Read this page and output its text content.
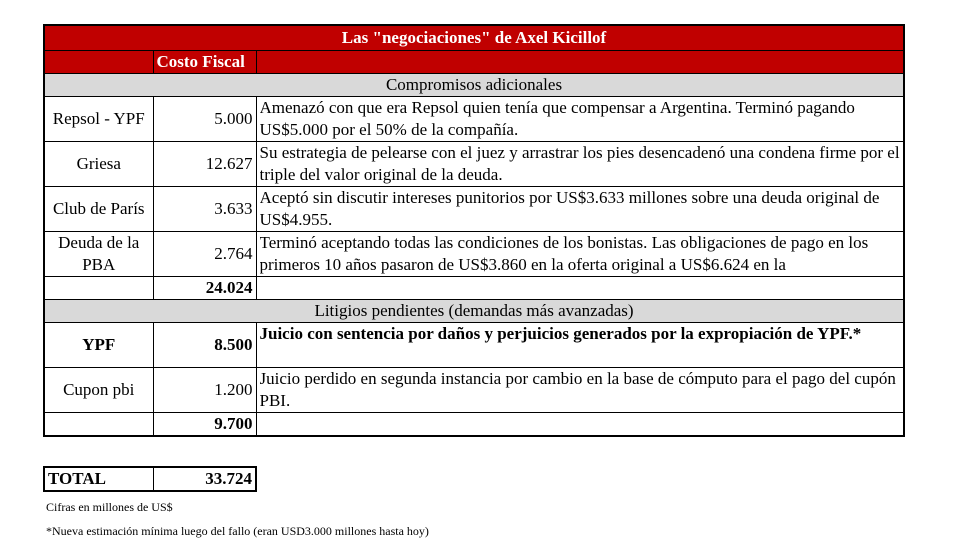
Las "negociaciones" de Axel Kicillof		
	Costo Fiscal	
Compromisos adicionales		
Repsol - YPF	5.000	Amenazó con que era Repsol quien tenía que compensar a Argentina. Terminó pagando US$5.000 por el 50% de la compañía.

Griesa	12.627	Su estrategia de pelearse con el juez y arrastrar los pies desencadenó una condena firme por el triple del valor original de la deuda.

Club de París	3.633	Aceptó sin discutir intereses punitorios por US$3.633 millones sobre una deuda original de US$4.955.

Deuda de la PBA	2.764	Terminó aceptando todas las condiciones de los bonistas. Las obligaciones de pago en los primeros 10 años pasaron de US$3.860 en la oferta original a US$6.624 en la

	24.024	
Litigios pendientes (demandas más avanzadas)		
YPF	8.500	Juicio con sentencia por daños y perjuicios generados por la expropiación de YPF.*

Cupon pbi	1.200	Juicio perdido en segunda instancia por cambio en la base de cómputo para el pago del cupón PBI.

	9.700	
TOTAL	33.724
Cifras en millones de US$
*Nueva estimación mínima luego del fallo (eran USD3.000 millones hasta hoy)
